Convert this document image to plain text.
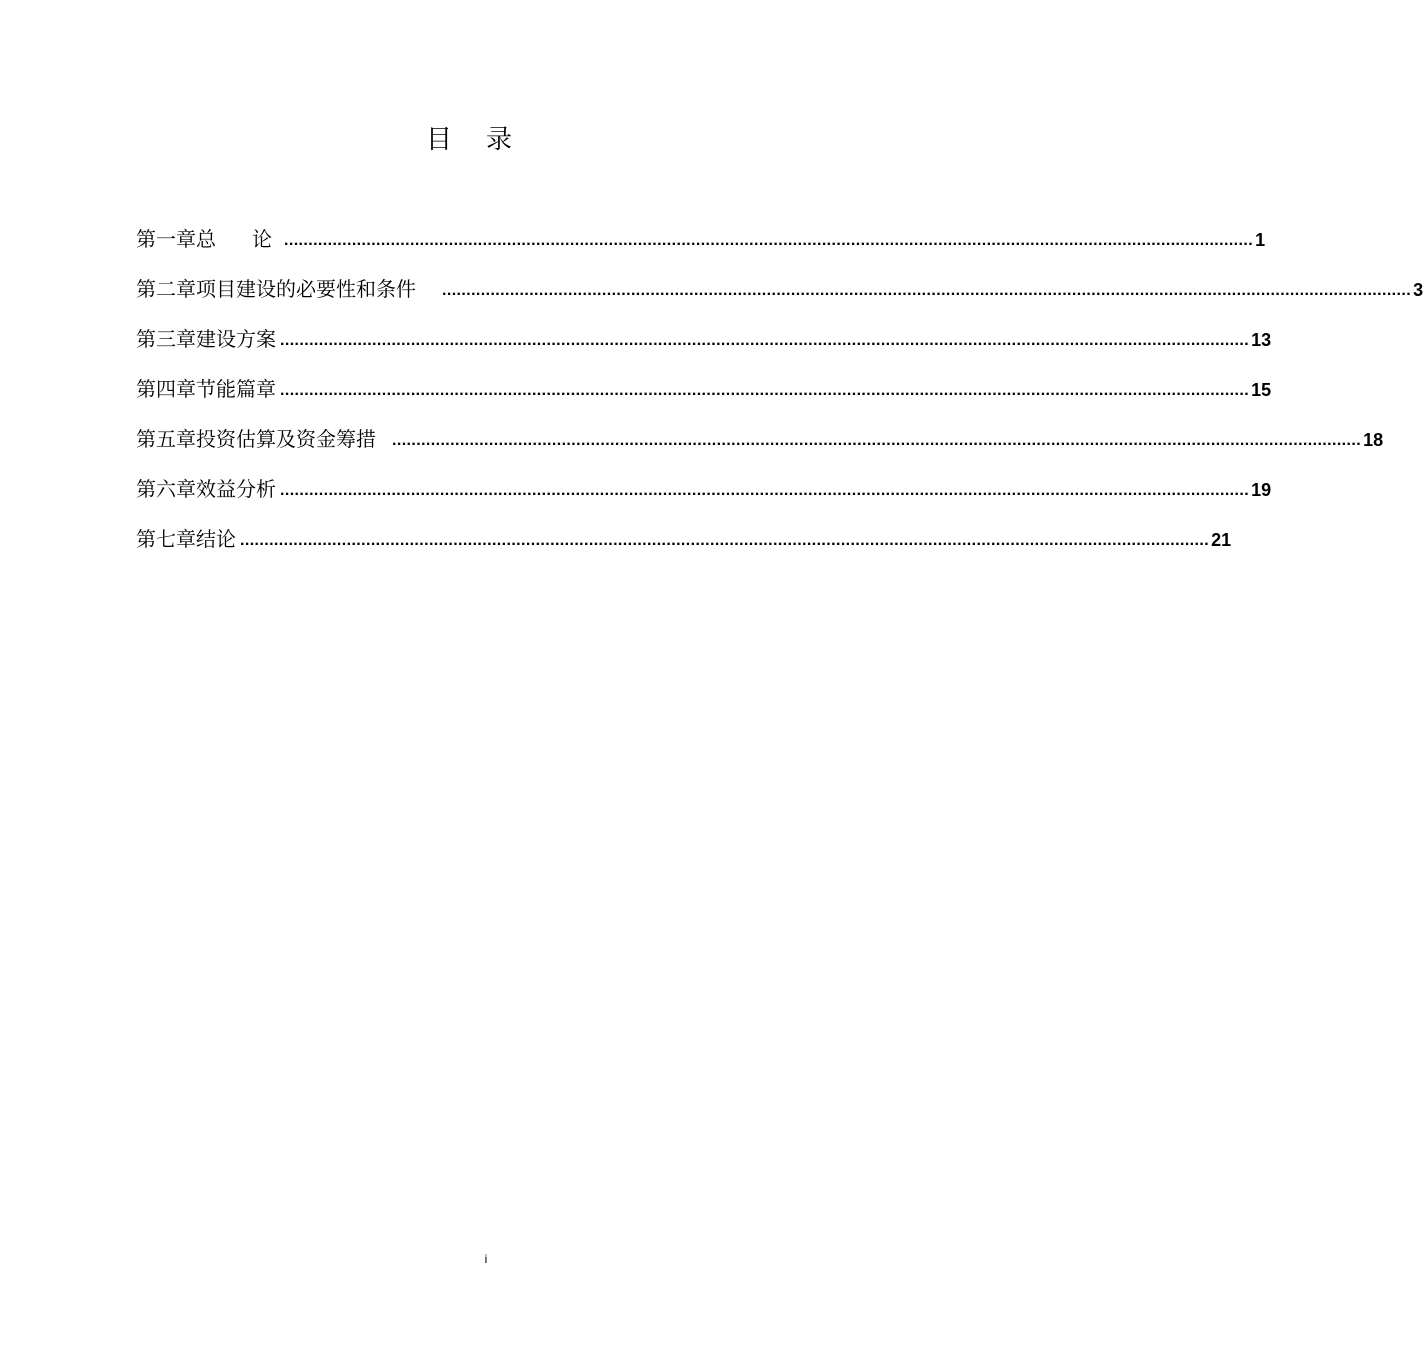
目录
第一章 总　论 ........................................................................................................................................................................................................ 1
第二章 项目建设的必要性和条件 ........................................................................................................................................................................................................ 3
第三章 建设方案 ........................................................................................................................................................................................................ 13
第四章 节能篇章 ........................................................................................................................................................................................................ 15
第五章 投资估算及资金筹措 ........................................................................................................................................................................................................ 18
第六章 效益分析 ........................................................................................................................................................................................................ 19
第七章 结论 ........................................................................................................................................................................................................ 21
i
